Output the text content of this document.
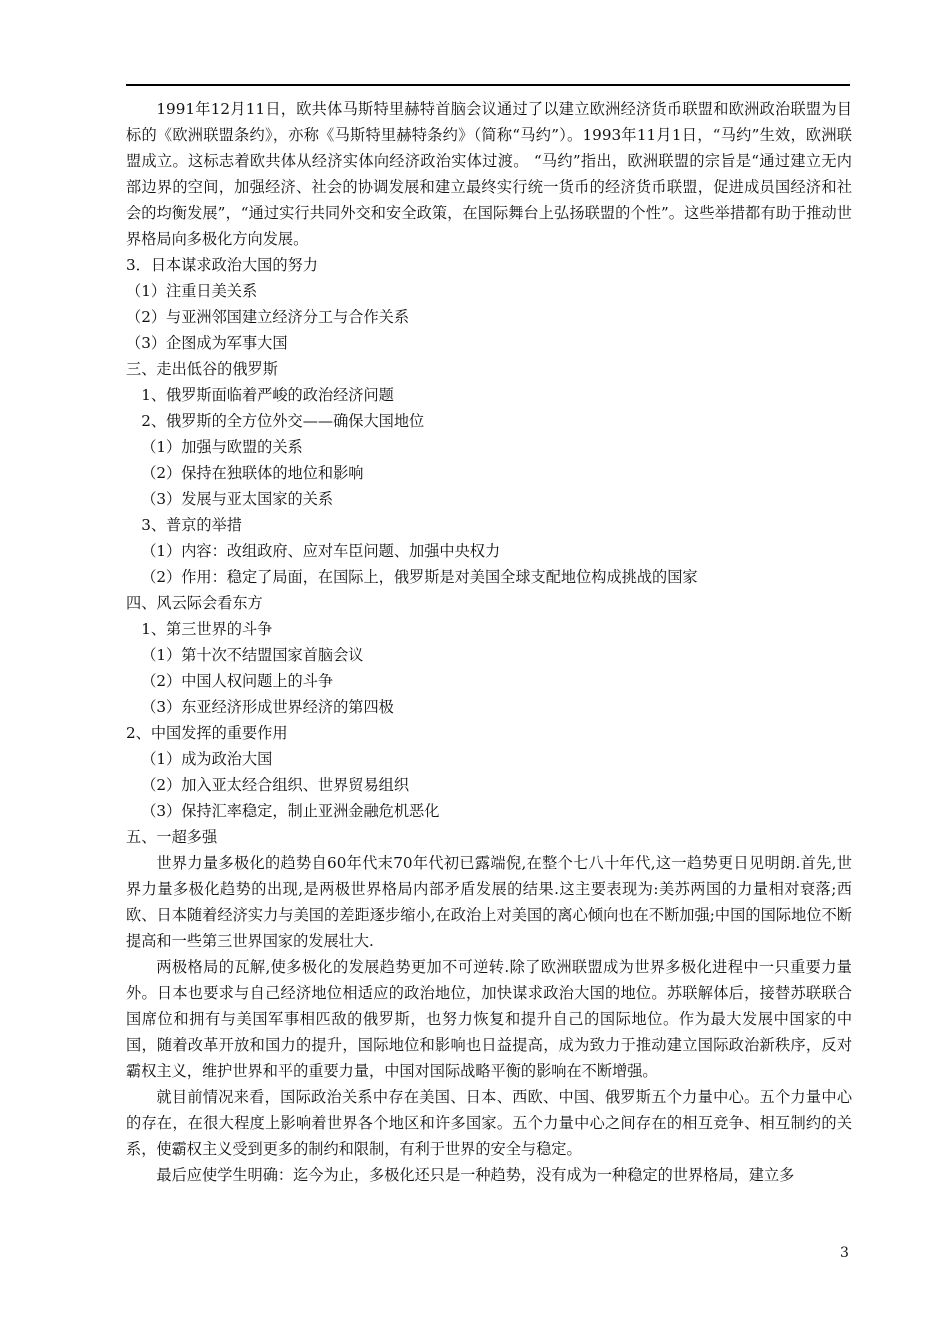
1991年12月11日，欧共体马斯特里赫特首脑会议通过了以建立欧洲经济货币联盟和欧洲政治联盟为目标的《欧洲联盟条约》，亦称《马斯特里赫特条约》（简称“马约”）。1993年11月1日，“马约”生效，欧洲联盟成立。这标志着欧共体从经济实体向经济政治实体过渡。 “马约”指出，欧洲联盟的宗旨是“通过建立无内部边界的空间，加强经济、社会的协调发展和建立最终实行统一货币的经济货币联盟，促进成员国经济和社会的均衡发展”，“通过实行共同外交和安全政策，在国际舞台上弘扬联盟的个性”。这些举措都有助于推动世界格局向多极化方向发展。

3．日本谋求政治大国的努力

（1）注重日美关系

（2）与亚洲邻国建立经济分工与合作关系

（3）企图成为军事大国

三、走出低谷的俄罗斯

1、俄罗斯面临着严峻的政治经济问题

2、俄罗斯的全方位外交——确保大国地位

（1）加强与欧盟的关系

（2）保持在独联体的地位和影响

（3）发展与亚太国家的关系

3、普京的举措

（1）内容：改组政府、应对车臣问题、加强中央权力

（2）作用：稳定了局面，在国际上，俄罗斯是对美国全球支配地位构成挑战的国家

四、风云际会看东方

1、第三世界的斗争

（1）第十次不结盟国家首脑会议

（2）中国人权问题上的斗争

（3）东亚经济形成世界经济的第四极

2、中国发挥的重要作用

（1）成为政治大国

（2）加入亚太经合组织、世界贸易组织

（3）保持汇率稳定，制止亚洲金融危机恶化

五、一超多强

世界力量多极化的趋势自60年代末70年代初已露端倪,在整个七八十年代,这一趋势更日见明朗.首先,世界力量多极化趋势的出现,是两极世界格局内部矛盾发展的结果.这主要表现为:美苏两国的力量相对衰落;西欧、日本随着经济实力与美国的差距逐步缩小,在政治上对美国的离心倾向也在不断加强;中国的国际地位不断提高和一些第三世界国家的发展壮大.

两极格局的瓦解,使多极化的发展趋势更加不可逆转.除了欧洲联盟成为世界多极化进程中一只重要力量外。日本也要求与自己经济地位相适应的政治地位，加快谋求政治大国的地位。苏联解体后，接替苏联联合国席位和拥有与美国军事相匹敌的俄罗斯，也努力恢复和提升自己的国际地位。作为最大发展中国家的中国，随着改革开放和国力的提升，国际地位和影响也日益提高，成为致力于推动建立国际政治新秩序，反对霸权主义，维护世界和平的重要力量，中国对国际战略平衡的影响在不断增强。

就目前情况来看，国际政治关系中存在美国、日本、西欧、中国、俄罗斯五个力量中心。五个力量中心的存在，在很大程度上影响着世界各个地区和许多国家。五个力量中心之间存在的相互竞争、相互制约的关系，使霸权主义受到更多的制约和限制，有利于世界的安全与稳定。

最后应使学生明确：迄今为止，多极化还只是一种趋势，没有成为一种稳定的世界格局，建立多

3
